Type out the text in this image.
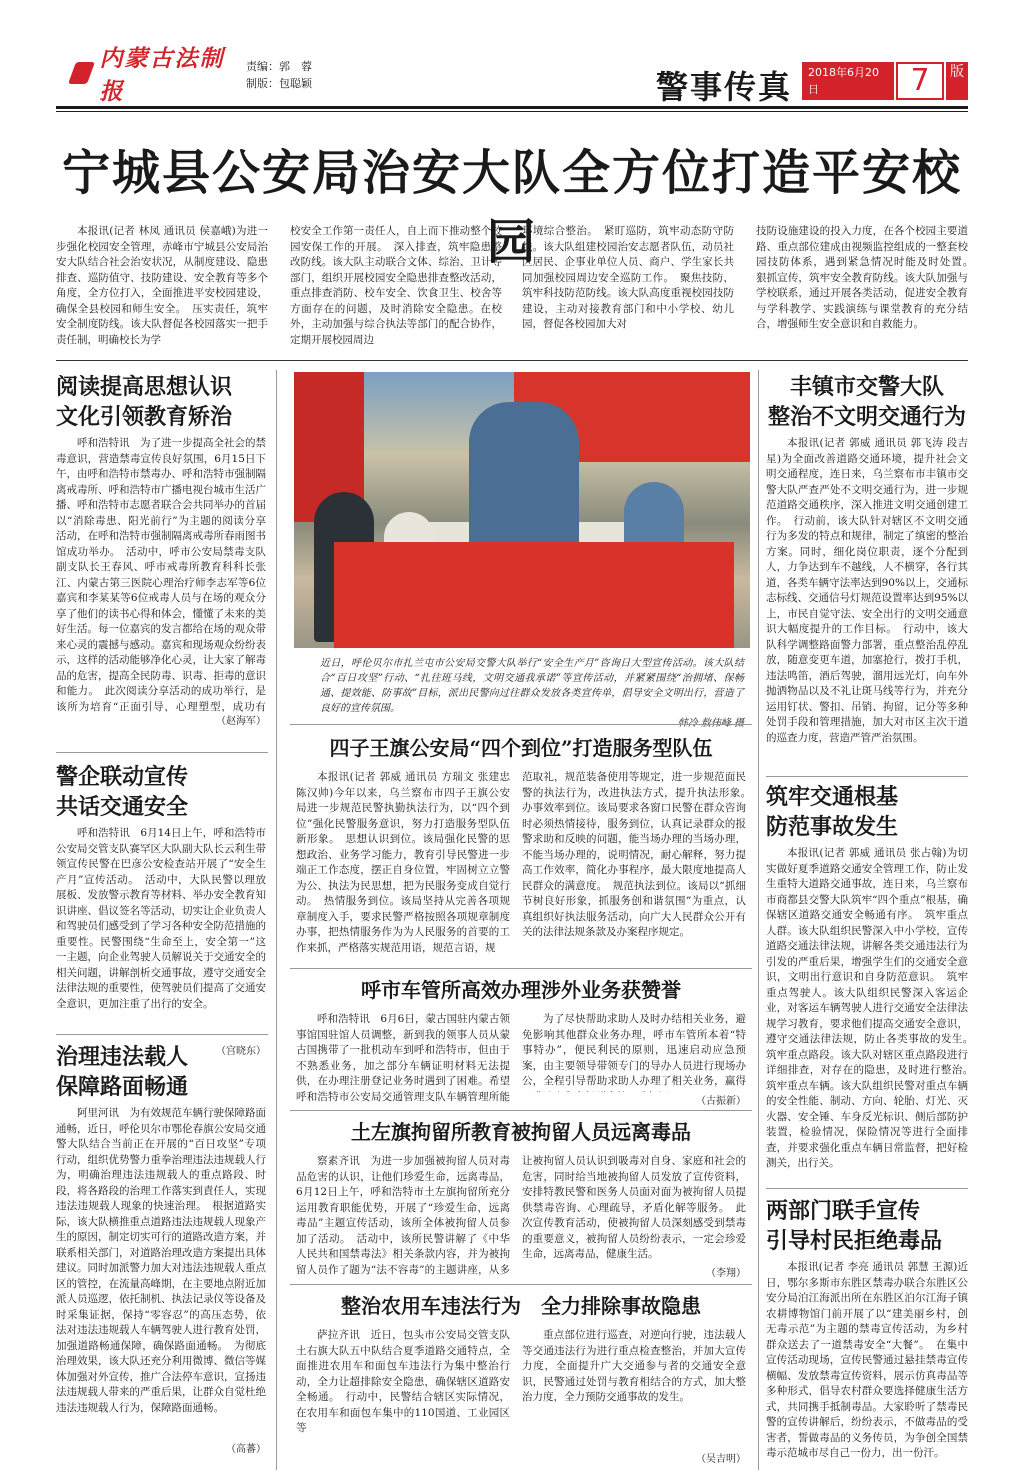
内蒙古法制报
责编：郭　蓉
制版：包聪颖	警事传真 2018年6月20日	7	版
宁城县公安局治安大队全方位打造平安校园

本报讯(记者 林凤 通讯员 侯嘉峨)为进一步强化校园安全管理，赤峰市宁城县公安局治安大队结合社会治安状况，从制度建设、隐患排查、巡防值守、技防建设、安全教育等多个角度，全方位打入，全面推进平安校园建设，确保全县校园和师生安全。　压实责任，筑牢安全制度防线。该大队督促各校园落实一把手责任制，明确校长为学

校安全工作第一责任人，自上而下推动整个校园安保工作的开展。　深入排查，筑牢隐患整改防线。该大队主动联合文体、综治、卫计等部门，组织开展校园安全隐患排查整改活动，重点排查消防、校车安全、饮食卫生、校舍等方面存在的问题，及时消除安全隐患。在校外，主动加强与综合执法等部门的配合协作，定期开展校园周边

环境综合整治。　紧盯巡防，筑牢动态防守防线。该大队组建校园治安志愿者队伍，动员社区居民、企事业单位人员、商户、学生家长共同加强校园周边安全巡防工作。　聚焦技防，筑牢科技防范防线。该大队高度重视校园技防建设，主动对接教育部门和中小学校、幼儿园，督促各校园加大对

技防设施建设的投入力度，在各个校园主要道路、重点部位建成由视频监控组成的一整套校园技防体系，遇到紧急情况时能及时处置。　狠抓宣传，筑牢安全教育防线。该大队加强与学校联系，通过开展各类活动，促进安全教育与学科教学、实践演练与课堂教育的充分结合，增强师生安全意识和自救能力。

阅读提高思想认识
文化引领教育矫治

呼和浩特讯　为了进一步提高全社会的禁毒意识，营造禁毒宣传良好氛围，6月15日下午，由呼和浩特市禁毒办、呼和浩特市强制隔离戒毒所、呼和浩特市广播电视台城市生活广播、呼和浩特市志愿者联合会共同举办的首届以“消除毒患、阳光前行”为主题的阅读分享活动，在呼和浩特市强制隔离戒毒所春雨图书馆成功举办。　活动中，呼市公安局禁毒支队副支队长王春风、呼市戒毒所教育科科长张江、内蒙古第三医院心理治疗师李志军等6位嘉宾和李某某等6位戒毒人员与在场的观众分享了他们的读书心得和体会，懂懂了未来的美好生活。每一位嘉宾的发言都给在场的观众带来心灵的震撼与感动。嘉宾和现场观众纷纷表示，这样的活动能够净化心灵，让大家了解毒品的危害，提高全民防毒、识毒、拒毒的意识和能力。　此次阅读分享活动的成功举行，是该所为培育“正面引导，心理塑型，成功有

（赵海军）
警企联动宣传
共话交通安全

呼和浩特讯　6月14日上午，呼和浩特市公安局交管支队赛罕区大队副大队长云利生带领宣传民警在巴彦公安检查站开展了“安全生产月”宣传活动。　活动中，大队民警以理放展板、发放警示教育等材料、举办安全教育知识讲座、倡议签名等活动，切实让企业负责人和驾驶员们感受到了学习各种安全防范措施的重要性。民警围绕“生命至上，安全第一”这一主题，向企业驾驶人员解说关于交通安全的相关问题，讲解剖析交通事故，遵守交通安全法律法规的重要性，使驾驶员们提高了交通安全意识，更加注重了出行的安全。

（宫晓东）
治理违法载人
保障路面畅通

阿里河讯　为有效规范车辆行驶保障路面通畅，近日，呼伦贝尔市鄂伦春旗公安局交通警大队结合当前正在开展的“百日攻坚”专项行动，组织优势警力重拳治理违法违规载人行为，明确治理违法违规载人的重点路段、时段，将各路段的治理工作落实到責任人，实现违法违规载人现象的快速治理。　根据道路实际，该大队横推重点道路违法违规载人现象产生的原因，制定切实可行的道路改造方案，并联系相关部门，对道路治理改造方案提出具体建议。同时加派警力加大对违法违规载人重点区的管控，在流量高峰期，在主要地点附近加派人员巡逻，依托制机、执法记录仪等设备及时采集证据，保持“零容忍”的高压态势，依法对违法违规载人车辆驾驶人进行教育处罚，加强道路畅通保障，确保路面通畅。　为彻底治理效果，该大队还充分利用微博、微信等媒体加强对外宣传，推广合法停车意识，宣扬违法违规载人带来的严重后果，让群众自觉杜绝违法违规载人行为，保障路面通畅。

（高蕃）
近日，呼伦贝尔市扎兰屯市公安局交警大队举行“安全生产月”咨询日大型宣传活动。该大队结合“百日攻坚”行动、“扎往班马线，文明交通我承诺”等宣传活动，并紧紧围绕“治拥堵、保畅通、提效能、防事故”目标，派出民警向过往群众发放各类宣传单，倡导安全文明出行，营造了良好的宣传氛围。
四子王旗公安局“四个到位”打造服务型队伍

本报讯(记者 郭威 通讯员 方瑞文 张建忠 陈汉帅)今年以来，乌兰察布市四子王旗公安局进一步规范民警执勤执法行为，以“四个到位”强化民警服务意识，努力打造服务型队伍新形象。　思想认识到位。该局强化民警的思想政治、业务学习能力，教育引导民警进一步端正工作态度，摆正自身位置，牢固树立立警为公、执法为民思想，把为民服务变成自觉行动。　热情服务到位。该局坚持从完善各项规章制度入手，要求民警严格按照各项规章制度办事，把热情服务作为为人民服务的首要的工作来抓，严格落实规范用语，规范言语，规

范取礼，规范装备使用等规定，进一步规范面民警的执法行为，改进执法方式，提升执法形象。　办事效率到位。该局要求各窗口民警在群众咨询时必须热情接待，服务到位，认真记录群众的报警求助和反映的问题，能当场办理的当场办理，不能当场办理的，说明情况，耐心解释，努力提高工作效率，简化办事程序，最大限度地提高人民群众的满意度。　规范执法到位。该局以“抓细节树良好形象，抓服务创和谐氛围”为重点，认真组织好执法服务活动，向广大人民群众公开有关的法律法规条款及办案程序规定。

呼市车管所高效办理涉外业务获赞誉

呼和浩特讯　6月6日，蒙古国驻内蒙古领事馆国驻馆人员调整，新到我的领事人员从蒙古国携带了一批机动车到呼和浩特市，但由于不熟悉业务，加之部分车辆证明材料无法提供，在办理注册登记业务时遇到了困难。希望呼和浩特市公安局交通管理支队车辆管理所能

为了尽快帮助求助人及时办结相关业务，避免影响其他群众业务办理，呼市车管所本着“特事特办”，便民利民的原则，迅速启动应急预案，由主要领导带领专门的导办人员进行现场办公，全程引导帮助求助人办理了相关业务，赢得

（古振新）
土左旗拘留所教育被拘留人员远离毒品

察素齐讯　为进一步加强被拘留人员对毒品危害的认识，让他们珍爱生命，远离毒品，6月12日上午，呼和浩特市土左旗拘留所充分运用教育职能优势，开展了“珍爱生命，远离毒品”主题宣传活动，该所全体被拘留人员参加了活动。　活动中，该所民警讲解了《中华人民共和国禁毒法》相关条款内容，并为被拘留人员作了题为“法不容毒”的主题讲座，从多

让被拘留人员认识到吸毒对自身、家庭和社会的危害，同时给当地被拘留人员发放了宣传资料，安排特教民警和医务人员面对面为被拘留人员提供禁毒咨询、心理疏导，矛盾化解等服务。　此次宣传教育活动，使被拘留人员深刻感受到禁毒的重要意义，被拘留人员纷纷表示，一定会珍爱生命，远离毒品，健康生活。

（李翔）
整治农用车违法行为　全力排除事故隐患

萨拉齐讯　近日，包头市公安局交管支队土右旗大队五中队结合夏季道路交通特点，全面推进农用车和面包车违法行为集中整治行动，全力让超排除安全隐患，确保辖区道路安全畅通。　行动中，民警结合辖区实际情况，在农用车和面包车集中的110国道、工业园区等

重点部位进行巡查，对逆向行驶，违法载人等交通违法行为进行重点检查整治，并加大宣传力度，全面提升广大交通参与者的交通安全意识，民警通过处罚与教育相结合的方式，加大整治力度，全力预防交通事故的发生。

（吴吉明）
丰镇市交警大队
整治不文明交通行为

本报讯(记者 郭威 通讯员 郭飞涛 段吉星)为全面改善道路交通环境，提升社会文明交通程度，连日来，乌兰察布市丰镇市交警大队严查严处不文明交通行为，进一步规范道路交通秩序，深入推进文明交通创建工作。　行动前，该大队针对辖区不文明交通行为多发的特点和规律，制定了缜密的整治方案。同时，细化岗位职责，逐个分配到人，力争达到车不越线，人不横穿，各行其道，各类车辆守法率达到90%以上，交通标志标线、交通信号灯规范设置率达到95%以上，市民自觉守法、安全出行的文明交通意识大幅度提升的工作目标。　行动中，该大队科学调整路面警力部署，重点整治乱停乱放，随意变更车道，加塞抢行，拨打手机，违法鸣笛，酒后驾驶，溜用远光灯，向车外抛洒物品以及不礼让斑马线等行为，并充分运用钉状、警扣、吊销、拘留，记分等多种处罚手段和管理措施，加大对市区主次干道的巡查力度，营造严管严治氛围。

筑牢交通根基
防范事故发生

本报讯(记者 郭威 通讯员 张占翰)为切实做好夏季道路交通安全管理工作，防止发生重特大道路交通事故，连日来，乌兰察布市商都县交警大队筑牢“四个重点”根基，确保辖区道路交通安全畅通有序。　筑牢重点人群。该大队组织民警深入中小学校，宣传道路交通法律法规，讲解各类交通违法行为引发的严重后果，增强学生们的交通安全意识，文明出行意识和自身防范意识。　筑牢重点驾驶人。该大队组织民警深入客运企业，对客运车辆驾驶人进行交通安全法律法规学习教育，要求他们提高交通安全意识，遵守交通法律法规，防止各类事故的发生。　筑牢重点路段。该大队对辖区重点路段进行详细排查，对存在的隐患，及时进行整治。　筑牢重点车辆。该大队组织民警对重点车辆的安全性能、制动、方向、轮胎、灯光、灭火器、安全锤、车身反光标识、侧后部防护装置，检验情况，保险情况等进行全面排查，并要求强化重点车辆日常监督，把好检测关，出行关。

两部门联手宣传
引导村民拒绝毒品

本报讯(记者 李亮 通讯员 郭慧 王源)近日，鄂尔多斯市东胜区禁毒办联合东胜区公安分局泊江海派出所在东胜区泊尔江海子镇农耕博物馆门前开展了以“建美丽乡村，创无毒示范”为主题的禁毒宣传活动，为乡村群众送去了一道禁毒安全“大餐”。　在集中宣传活动现场，宣传民警通过悬挂禁毒宣传横幅、发放禁毒宣传资料，展示仿真毒品等多种形式，倡导农村群众要选择健康生活方式，共同携手抵制毒品。大家聆听了禁毒民警的宣传讲解后，纷纷表示，不做毒品的受害者，誓做毒品的义务传员，为争创全国禁毒示范城市尽自己一份力，出一份汗。
